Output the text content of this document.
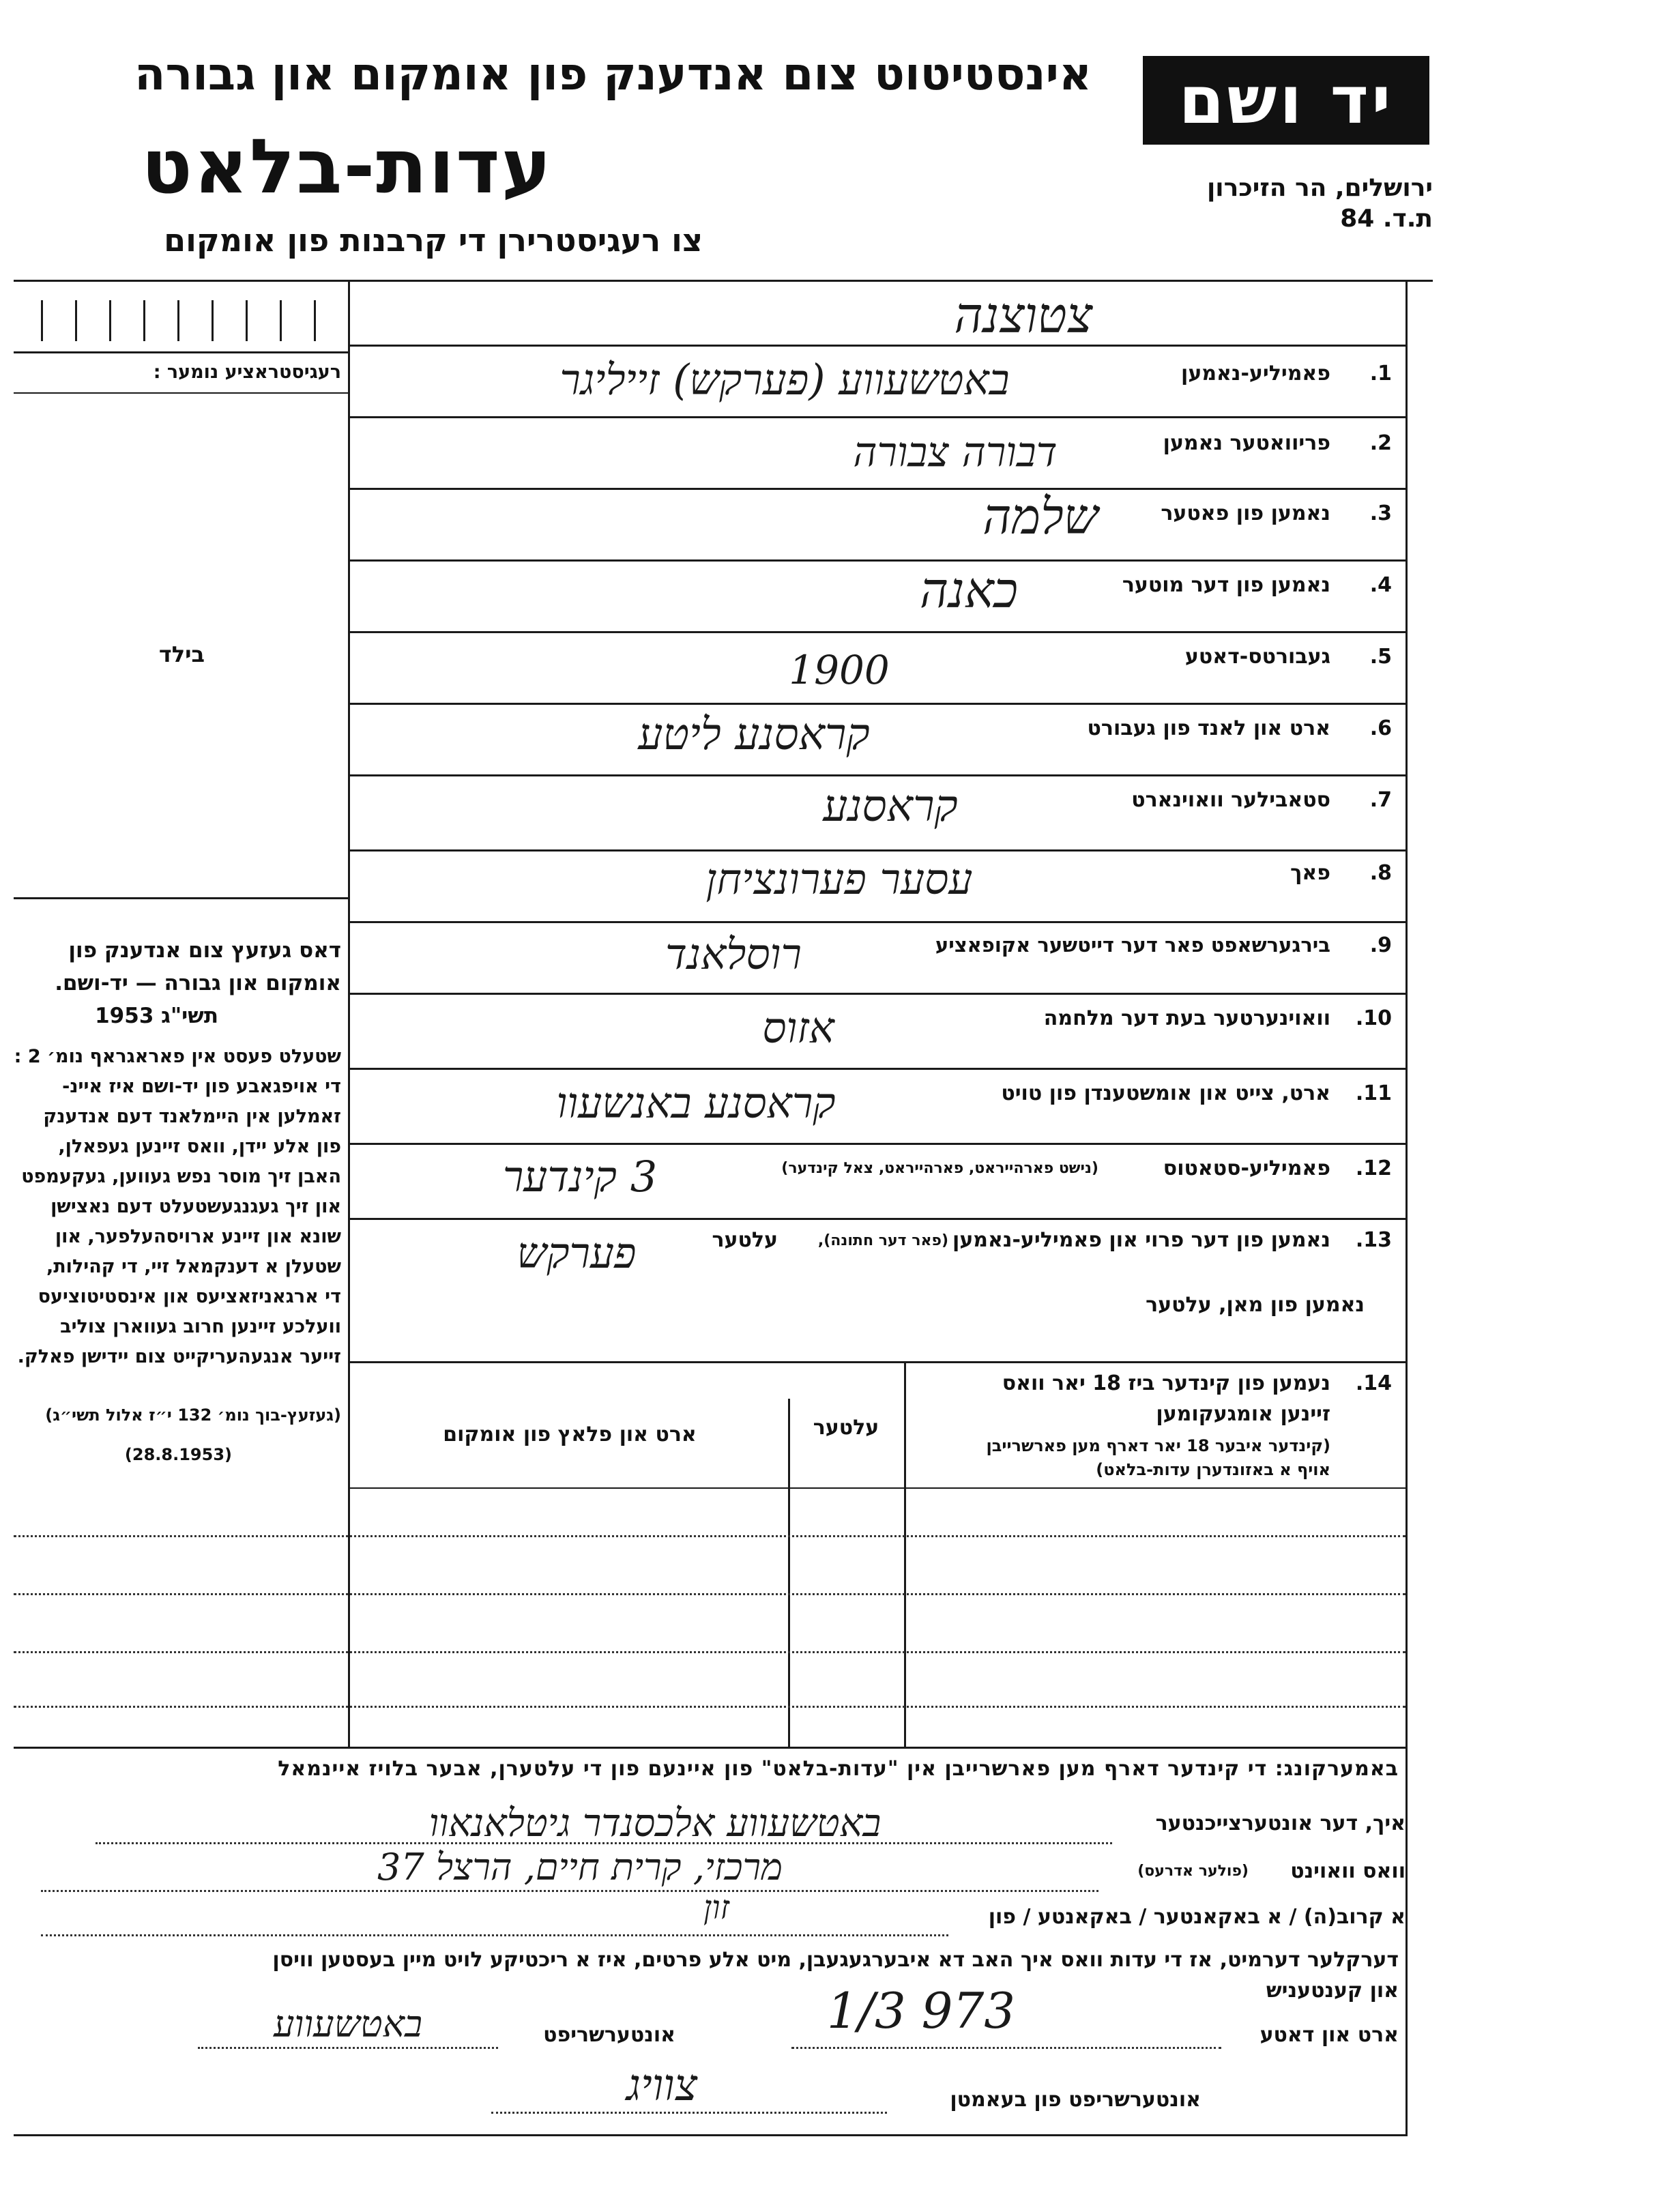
יד ושם
אינסטיטוט צום אנדענק פון אומקום און גבורה
עדות-בלאט	ירושלים, הר הזיכרון
ת.ד. 84
צו רעגיסטרירן די קרבנות פון אומקום
רעגיסטראציע נומער :
בילד
דאס געזעץ צום אנדענק פון
אומקום און גבורה — יד-ושם.
תשי"ג 1953
שטעלט פעסט אין פאראגראף נומ׳ 2 :
די אויפגאבע פון יד-ושם איז איינ-
זאמלען אין היימלאנד דעם אנדענק
פון אלע יידן, וואס זיינען געפאלן,
האבן זיך מוסר נפש געווען, געקעמפט
און זיך געגנגעשטעלט דעם נאצישן
שונא און זיינע ארויסהעלפער, און
שטעלן א דענקמאל זיי, די קהילות,
די ארגאניזאציעס און אינסטיטוציעס
וועלכע זיינען חרוב געווארן צוליב
זייער אנגעהעריקייט צום יידישן פאלק.
(געזעץ-בוך נומ׳ 132 י״ז אלול תשי״ג)
(28.8.1953)
צטוצנה
1.
פאמיליע-נאמען
באטשעווע (פערקש) זייליגר
2.
פריוואטער נאמען
דבורה צבורה
3.
נאמען פון פאטער
שלמה
4.
נאמען פון דער מוטער
כאנה
5.
געבורטס-דאטע
1900
6.
ארט און לאנד פון געבורט
קראסנע ליטע
7.
סטאבילער וואוינארט
קראסנע
8.
פאך
עסער פערונציחן
9.
בירגערשאפט פאר דער דייטשער אקופאציע
רוסלאנד
10.
וואוינערטער בעת דער מלחמה
אזוס
11.
ארט, צייט און אומשטענדן פון טויט
קראסנע באנשעוו
12.
פאמיליע-סטאטוס
(נישט פארהייראט, פארהייראט, צאל קינדער)
3 קינדער
13.
נאמען פון דער פרוי און פאמיליע-נאמען
(פאר דער חתונה),
עלטער
פערקש
נאמען פון מאן, עלטער
14.
נעמען פון קינדער ביז 18 יאר וואס
זיינען אומגעקומען
(קינדער איבער 18 יאר דארף מען פארשרייבן
אויף א באזונדערן עדות-בלאט)
עלטער
ארט און פלאץ פון אומקום
באמערקונג: די קינדער דארף מען פארשרייבן אין "עדות-בלאט" פון איינעם פון די עלטערן, אבער בלויז איינמאל
איך, דער אונטערצייכנטער
באטשעווע אלכסנדר גיטלאנאוו
וואס וואוינט
(פולער אדרעס)
מרכזי, קרית חיים, הרצל 37
א קרוב(ה) / א באקאנטער / באקאנטע / פון
זון
דערקלער דערמיט, אז די עדות וואס איך האב דא איבערגעגעבן, מיט אלע פרטים, איז א ריכטיקע לויט מיין בעסטען וויסן
און קענטעניש
ארט און דאטע
1/3 973
אונטערשריפט
באטשעווע
אונטערשריפט פון בעאמטן
צוויג
